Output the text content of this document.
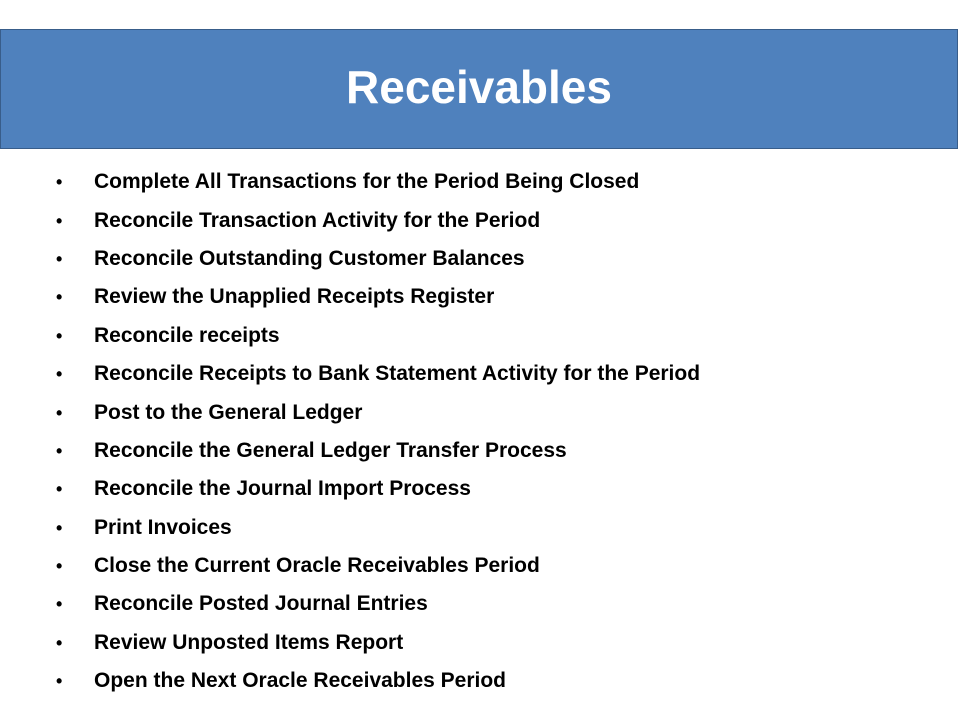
Receivables
•	Complete All Transactions for the Period Being Closed
•	Reconcile Transaction Activity for the Period
•	Reconcile Outstanding Customer Balances
•	Review the Unapplied Receipts Register
•	Reconcile receipts
•	Reconcile Receipts to Bank Statement Activity for the Period
•	Post to the General Ledger
•	Reconcile the General Ledger Transfer Process
•	Reconcile the Journal Import Process
•	Print Invoices
•	Close the Current Oracle Receivables Period
•	Reconcile Posted Journal Entries
•	Review Unposted Items Report
•	Open the Next Oracle Receivables Period
